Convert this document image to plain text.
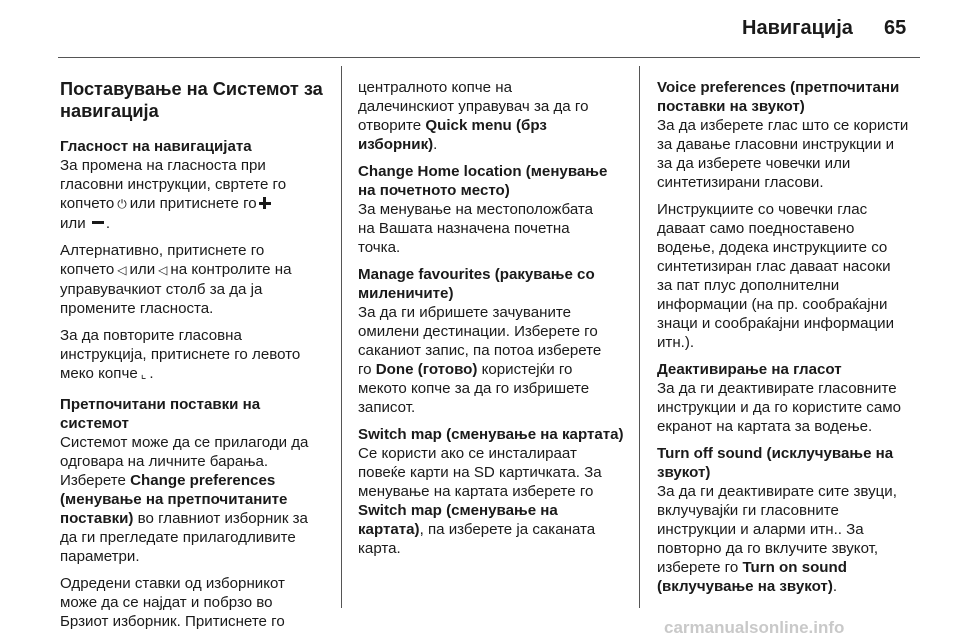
Навигација 65
Поставување на Системот за
навигација
Гласност на навигацијата
За промена на гласноста при
гласовни инструкции, свртете го
копчето ⏻ или притиснете го
или .
Алтернативно, притиснете го
копчето ◁ или ◁ на контролите на
управувачкиот столб за да ја
промените гласноста.
За да повторите гласовна
инструкција, притиснете го левото
меко копче ⌞ .
Претпочитани поставки на
системот
Системот може да се прилагоди да
одговара на личните барања.
Изберете Change preferences
(менување на претпочитаните
поставки) во главниот изборник за
да ги прегледате прилагодливите
параметри.
Одредени ставки од изборникот
може да се најдат и побрзо во
Брзиот изборник. Притиснете го
централното копче на
далечинскиот управувач за да го
отворите Quick menu (брз
изборник).
Change Home location (менување
на почетното место)
За менување на местоположбата
на Вашата назначена почетна
точка.
Manage favourites (ракување со
миленичите)
За да ги ибришете зачуваните
омилени дестинации. Изберете го
саканиот запис, па потоа изберете
го Done (готово) користејќи го
мекото копче за да го избришете
записот.
Switch map (сменување на картата)
Се користи ако се инсталираат
повеќе карти на SD картичката. За
менување на картата изберете го
Switch map (сменување на
картата), па изберете ја саканата
карта.
Voice preferences (претпочитани
поставки на звукот)
За да изберете глас што се користи
за давање гласовни инструкции и
за да изберете човечки или
синтетизирани гласови.
Инструкциите со човечки глас
даваат само поедноставено
водење, додека инструкциите со
синтетизиран глас даваат насоки
за пат плус дополнителни
информации (на пр. сообраќајни
знаци и сообраќајни информации
итн.).
Деактивирање на гласот
За да ги деактивирате гласовните
инструкции и да го користите само
екранот на картата за водење.
Turn off sound (исклучување на
звукот)
За да ги деактивирате сите звуци,
вклучувајќи ги гласовните
инструкции и аларми итн.. За
повторно да го вклучите звукот,
изберете го Turn on sound
(вклучување на звукот).
carmanualsonline.info
